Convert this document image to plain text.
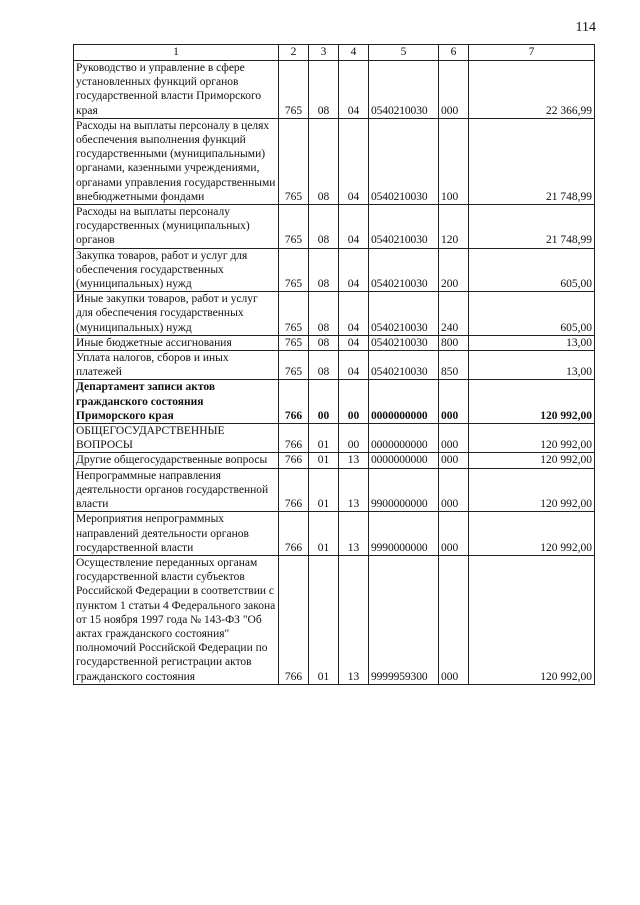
114
1	2	3	4	5	6	7
Руководство и управление в сфере установленных функций органов государственной власти Приморского края	765	08	04	0540210030	000	22 366,99
Расходы на выплаты персоналу в целях обеспечения выполнения функций государственными (муниципальными) органами, казенными учреждениями, органами управления государственными внебюджетными фондами	765	08	04	0540210030	100	21 748,99
Расходы на выплаты персоналу государственных (муниципальных) органов	765	08	04	0540210030	120	21 748,99
Закупка товаров, работ и услуг для обеспечения государственных (муниципальных) нужд	765	08	04	0540210030	200	605,00
Иные закупки товаров, работ и услуг для обеспечения государственных (муниципальных) нужд	765	08	04	0540210030	240	605,00
Иные бюджетные ассигнования	765	08	04	0540210030	800	13,00
Уплата налогов, сборов и иных платежей	765	08	04	0540210030	850	13,00
Департамент записи актов гражданского состояния Приморского края	766	00	00	0000000000	000	120 992,00
ОБЩЕГОСУДАРСТВЕННЫЕ ВОПРОСЫ	766	01	00	0000000000	000	120 992,00
Другие общегосударственные вопросы	766	01	13	0000000000	000	120 992,00
Непрограммные направления деятельности органов государственной власти	766	01	13	9900000000	000	120 992,00
Мероприятия непрограммных направлений деятельности органов государственной власти	766	01	13	9990000000	000	120 992,00
Осуществление переданных органам государственной власти субъектов Российской Федерации в соответствии с пунктом 1 статьи 4 Федерального закона от 15 ноября 1997 года № 143-ФЗ "Об актах гражданского состояния" полномочий Российской Федерации по государственной регистрации актов гражданского состояния	766	01	13	9999959300	000	120 992,00
